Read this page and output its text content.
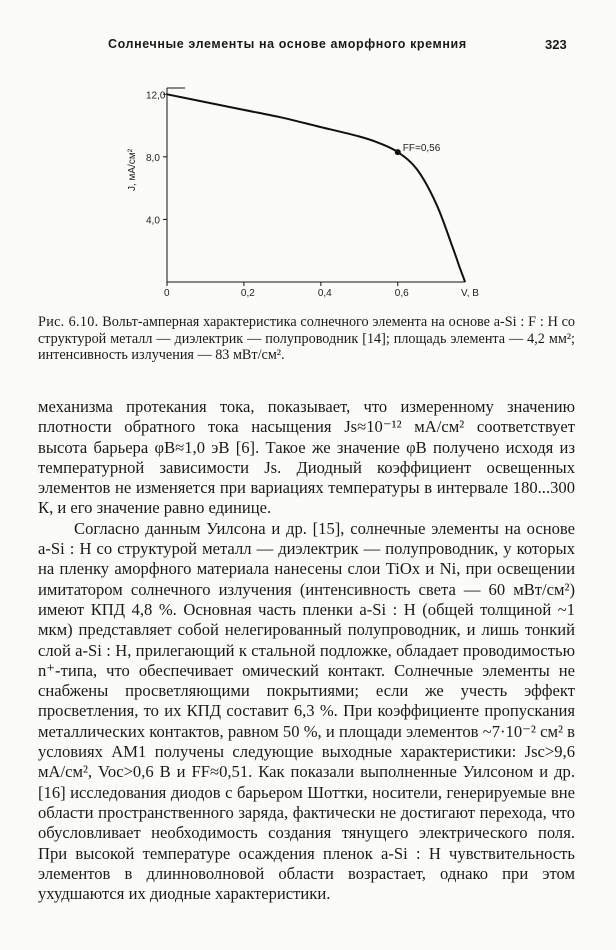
Солнечные элементы на основе аморфного кремния	323
0	0,2	0,4	0,6
4,0
8,0
12,0
FF=0,56
J, мА/см²
V, В
Рис. 6.10. Вольт-амперная характеристика солнечного элемента на основе a-Si : F : H со структурой металл — диэлектрик — полупроводник [14]; площадь элемента — 4,2 мм²; интенсивность излучения — 83 мВт/см².

механизма протекания тока, показывает, что измеренному значению плотности обратного тока насыщения Js≈10⁻¹² мА/см² соответствует высота барьера φB≈1,0 эВ [6]. Такое же значение φB получено исходя из температурной зависимости Js. Диодный коэффициент освещенных элементов не изменяется при вариациях температуры в интервале 180...300 К, и его значение равно единице.

Согласно данным Уилсона и др. [15], солнечные элементы на основе a-Si : H со структурой металл — диэлектрик — полупроводник, у которых на пленку аморфного материала нанесены слои TiOx и Ni, при освещении имитатором солнечного излучения (интенсивность света — 60 мВт/см²) имеют КПД 4,8 %. Основная часть пленки a-Si : H (общей толщиной ~1 мкм) представляет собой нелегированный полупроводник, и лишь тонкий слой a-Si : H, прилегающий к стальной подложке, обладает проводимостью n⁺-типа, что обеспечивает омический контакт. Солнечные элементы не снабжены просветляющими покрытиями; если же учесть эффект просветления, то их КПД составит 6,3 %. При коэффициенте пропускания металлических контактов, равном 50 %, и площади элементов ~7·10⁻² см² в условиях AM1 получены следующие выходные характеристики: Jsc>9,6 мА/см², Voc>0,6 В и FF≈0,51. Как показали выполненные Уилсоном и др. [16] исследования диодов с барьером Шоттки, носители, генерируемые вне области пространственного заряда, фактически не достигают перехода, что обусловливает необходимость создания тянущего электрического поля. При высокой температуре осаждения пленок a-Si : H чувствительность элементов в длинноволновой области возрастает, однако при этом ухудшаются их диодные характеристики.
